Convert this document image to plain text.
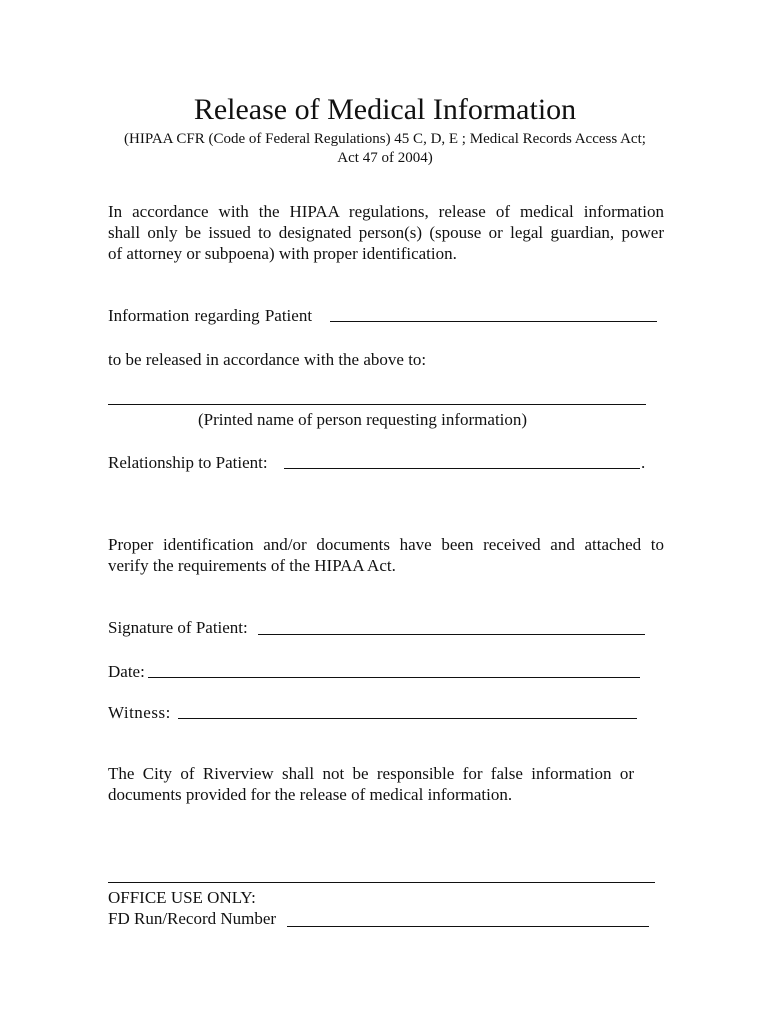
Release of Medical Information
(HIPAA CFR (Code of Federal Regulations) 45 C, D, E ; Medical Records Access Act;
Act 47 of 2004)
In accordance with the HIPAA regulations, release of medical information
shall only be issued to designated person(s) (spouse or legal guardian, power
of attorney or subpoena) with proper identification.
Information regarding Patient
to be released in accordance with the above to:
(Printed name of person requesting information)
Relationship to Patient:	.
Proper identification and/or documents have been received and attached to
verify the requirements of the HIPAA Act.
Signature of Patient:
Date:
Witness:
The City of Riverview shall not be responsible for false information or
documents provided for the release of medical information.
OFFICE USE ONLY:
FD Run/Record Number
